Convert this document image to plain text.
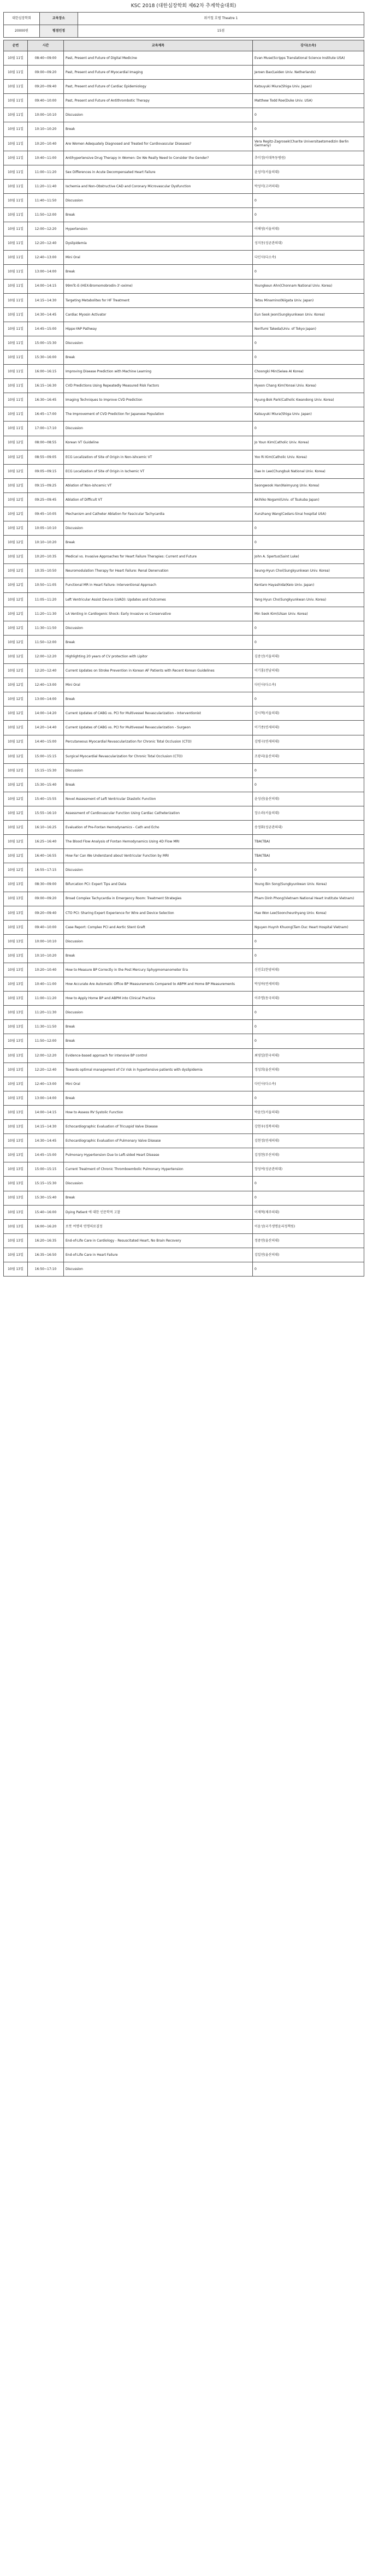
KSC 2018 (대한심장학회 제62차 추계학술대회)
대한심장학회	교육장소	워커힐 호텔 Theatre 1
20000원	평점인정	15점
순번	시간	교육제목	강사(소속)
10월 11일	08:40~09:00	Past, Present and Future of Digital Medicine	Evan Muse(Scripps Translational Science Institute USA)
10월 11일	09:00~09:20	Past, Present and Future of Myocardial Imaging	Jeroen Bax(Leiden Univ. Netherlands)
10월 11일	09:20~09:40	Past, Present and Future of Cardiac Epidemiology	Katsuyuki Miura(Shiga Univ. Japan)
10월 11일	09:40~10:00	Past, Present and Future of Antithrombotic Therapy	Matthew Todd Roe(Duke Univ. USA)
10월 11일	10:00~10:10	Discussion	0
10월 11일	10:10~10:20	Break	0
10월 11일	10:20~10:40	Are Women Adequately Diagnosed and Treated for Cardiovascular Diseases?	Vera Regitz-Zagrosek(Charite Universitaetsmedizin Berlin Germany)
10월 11일	10:40~11:00	Antihypertensive Drug Therapy in Women: Do We Really Need to Consider the Gender?	추미정(이대목동병원)
10월 11일	11:00~11:20	Sex Differences in Acute Decompensated Heart Failure	윤성미(서울의대)
10월 11일	11:20~11:40	Ischemia and Non-Obstructive CAD and Coronary Microvascular Dysfunction	박성미(고려의대)
10월 11일	11:40~11:50	Discussion	0
10월 11일	11:50~12:00	Break	0
10월 11일	12:00~12:20	Hypertension	이해영(서울의대)
10월 11일	12:20~12:40	Dyslipidemia	성지동(성균관의대)
10월 11일	12:40~13:00	Mini Oral	다인사(다소속)
10월 11일	13:00~14:00	Break	0
10월 11일	14:00~14:15	99mTc-Ε-(HEX-Bromomobrodin-3'-oxime)	Youngkeun Ahn(Chonnam National Univ. Korea)
10월 11일	14:15~14:30	Targeting Metabolites for HF Treatment	Tetsu Minamino(Niigata Univ. Japan)
10월 11일	14:30~14:45	Cardiac Myosin Activator	Eun Seok Jeon(Sungkyunkwan Univ. Korea)
10월 11일	14:45~15:00	Hippo-YAP Pathway	Norifumi Takeda(Univ. of Tokyo Japan)
10월 11일	15:00~15:30	Discussion	0
10월 11일	15:30~16:00	Break	0
10월 11일	16:00~16:15	Improving Disease Prediction with Machine Learning	Choongki Min(Seiwa AI Korea)
10월 11일	16:15~16:30	CVD Predictions Using Repeatedly Measured Risk Factors	Hyeon Chang Kim(Yonsei Univ. Korea)
10월 11일	16:30~16:45	Imaging Techniques to Improve CVD Prediction	Hyung-Bok Park(Catholic Kwandong Univ. Korea)
10월 11일	16:45~17:00	The Improvement of CVD Prediction for Japanese Population	Katsuyuki Miura(Shiga Univ. Japan)
10월 11일	17:00~17:10	Discussion	0
10월 12일	08:00~08:55	Korean VT Guideline	Jo Youn Kim(Catholic Univ. Korea)
10월 12일	08:55~09:05	ECG Localization of Site of Origin in Non-ishcemic VT	Yoo Ri Kim(Catholic Univ. Korea)
10월 12일	09:05~09:15	ECG Localization of Site of Origin in Ischemic VT	Dae In Lee(Chungbuk National Univ. Korea)
10월 12일	09:15~09:25	Ablation of Non-ishcemic VT	Seongwook Han(Keimyung Univ. Korea)
10월 12일	09:25~09:45	Ablation of Difficult VT	Akihiko Nogami(Univ. of Tsukuba Japan)
10월 12일	09:45~10:05	Mechanism and Catheter Ablation for Fascicular Tachycardia	Xunzhang Wang(Cedars-Sinai hospital USA)
10월 12일	10:05~10:10	Discussion	0
10월 12일	10:10~10:20	Break	0
10월 12일	10:20~10:35	Medical vs. Invasive Approaches for Heart Failure Therapies: Current and Future	John A. Spertus(Saint Luke)
10월 12일	10:35~10:50	Neuromodulation Therapy for Heart Failure: Renal Denervation	Seung-Hyun Choi(Sungkyunkwan Univ. Korea)
10월 12일	10:50~11:05	Functional MR in Heart Failure: Interventional Approach	Kentaro Hayashida(Keio Univ. Japan)
10월 12일	11:05~11:20	Left Ventricular Assist Device (LVAD): Updates and Outcomes	Yang Hyun Cho(Sungkyunkwan Univ. Korea)
10월 12일	11:20~11:30	LA Venting in Cardiogenic Shock: Early Invasive vs Conservative	Min Seok Kim(Ulsan Univ. Korea)
10월 12일	11:30~11:50	Discussion	0
10월 12일	11:50~12:00	Break	0
10월 12일	12:00~12:20	Highlighting 20 years of CV protection with Lipitor	김중선(서울의대)
10월 12일	12:20~12:40	Current Updates on Stroke Prevention in Korean AF Patients with Recent Korean Guidelines	이기홍(전남의대)
10월 12일	12:40~13:00	Mini Oral	다인사(다소속)
10월 12일	13:00~14:00	Break	0
10월 12일	14:00~14:20	Current Updates of CABG vs. PCI for Multivessel Revascularization - Interventionist	강시혁(서울의대)
10월 12일	14:20~14:40	Current Updates of CABG vs. PCI for Multivessel Revascularization - Surgeon	이기종(연세의대)
10월 12일	14:40~15:00	Percutaneous Myocardial Revascularization for Chronic Total Occlusion (CTO)	김병극(연세의대)
10월 12일	15:00~15:15	Surgical Myocardial Revascularization for Chronic Total Occlusion (CTO)	조광리(울산의대)
10월 12일	15:15~15:30	Discussion	0
10월 12일	15:30~15:40	Break	0
10월 12일	15:40~15:55	Novel Assessment of Left Ventricular Diastolic Function	윤성권(울산의대)
10월 12일	15:55~16:10	Assessment of Cardiovascular Function Using Cardiac Catheterization	장소라(서울의대)
10월 12일	16:10~16:25	Evaluation of Pre-Fontan Hemodynamics - Cath and Echo	송정화(성균관의대)
10월 12일	16:25~16:40	The Blood Flow Analysis of Fontan Hemodynamics Using 4D Flow MRI	TBA(TBA)
10월 12일	16:40~16:55	How Far Can We Understand about Ventricular Function by MRI	TBA(TBA)
10월 12일	16:55~17:15	Discussion	0
10월 13일	08:30~09:00	Bifurcation PCI: Expert Tips and Data	Young Bin Song(Sungkyunkwan Univ. Korea)
10월 13일	09:00~09:20	Broad Complex Tachycardia in Emergency Room: Treatment Strategies	Pham Dinh Phong(Vietnam National Heart Institute Vietnam)
10월 13일	09:20~09:40	CTO PCI: Sharing Expert Experience for Wire and Device Selection	Hae Won Lee(Sooncheunhyang Univ. Korea)
10월 13일	09:40~10:00	Case Report: Complex PCI and Aortic Stent Graft	Nguyen Huynh Khuong(Tam Duc Heart Hospital Vietnam)
10월 13일	10:00~10:10	Discussion	0
10월 13일	10:10~10:20	Break	0
10월 13일	10:20~10:40	How to Measure BP Correctly in the Post Mercury Sphygmomanometer Era	신진호(한양의대)
10월 13일	10:40~11:00	How Accurate Are Automatic Office BP Measurements Compared to ABPM and Home BP Measurements	박성하(연세의대)
10월 13일	11:00~11:20	How to Apply Home BP and ABPM into Clinical Practice	이주명(동국의대)
10월 13일	11:20~11:30	Discussion	0
10월 13일	11:30~11:50	Break	0
10월 13일	11:50~12:00	Break	0
10월 13일	12:00~12:20	Evidence-based approach for intensive BP control	최영일(한국의대)
10월 13일	12:20~12:40	Towards optimal management of CV risk in hypertensive patients with dyslipidemia	정성희(울산의대)
10월 13일	12:40~13:00	Mini Oral	다인사(다소속)
10월 13일	13:00~14:00	Break	0
10월 13일	14:00~14:15	How to Assess RV Systolic Function	박윤민(서울의대)
10월 13일	14:15~14:30	Echocardiographic Evaluation of Tricuspid Valve Disease	강현우(경북의대)
10월 13일	14:30~14:45	Echocardiographic Evaluation of Pulmonary Valve Disease	김현정(연세의대)
10월 13일	14:45~15:00	Pulmonary Hypertension Due to Left-sided Heart Disease	김정현(부산의대)
10월 13일	15:00~15:15	Current Treatment of Chronic Thromboembolic Pulmonary Hypertension	장성여(성균관의대)
10월 13일	15:15~15:30	Discussion	0
10월 13일	15:30~15:40	Break	0
10월 13일	15:40~16:00	Dying Patient 에 대한 인문학적 고찰	이재혁(제주의대)
10월 13일	16:00~16:20	로봇 여명의 연명의료결정	이윤성(국가생명윤리정책원)
10월 13일	16:20~16:35	End-of-Life Care in Cardiology - Resuscitated Heart, No Brain Recovery	정중연(울산의대)
10월 13일	16:35~16:50	End-of-Life Care in Heart Failure	김일연(울산의대)
10월 13일	16:50~17:10	Discussion	0
